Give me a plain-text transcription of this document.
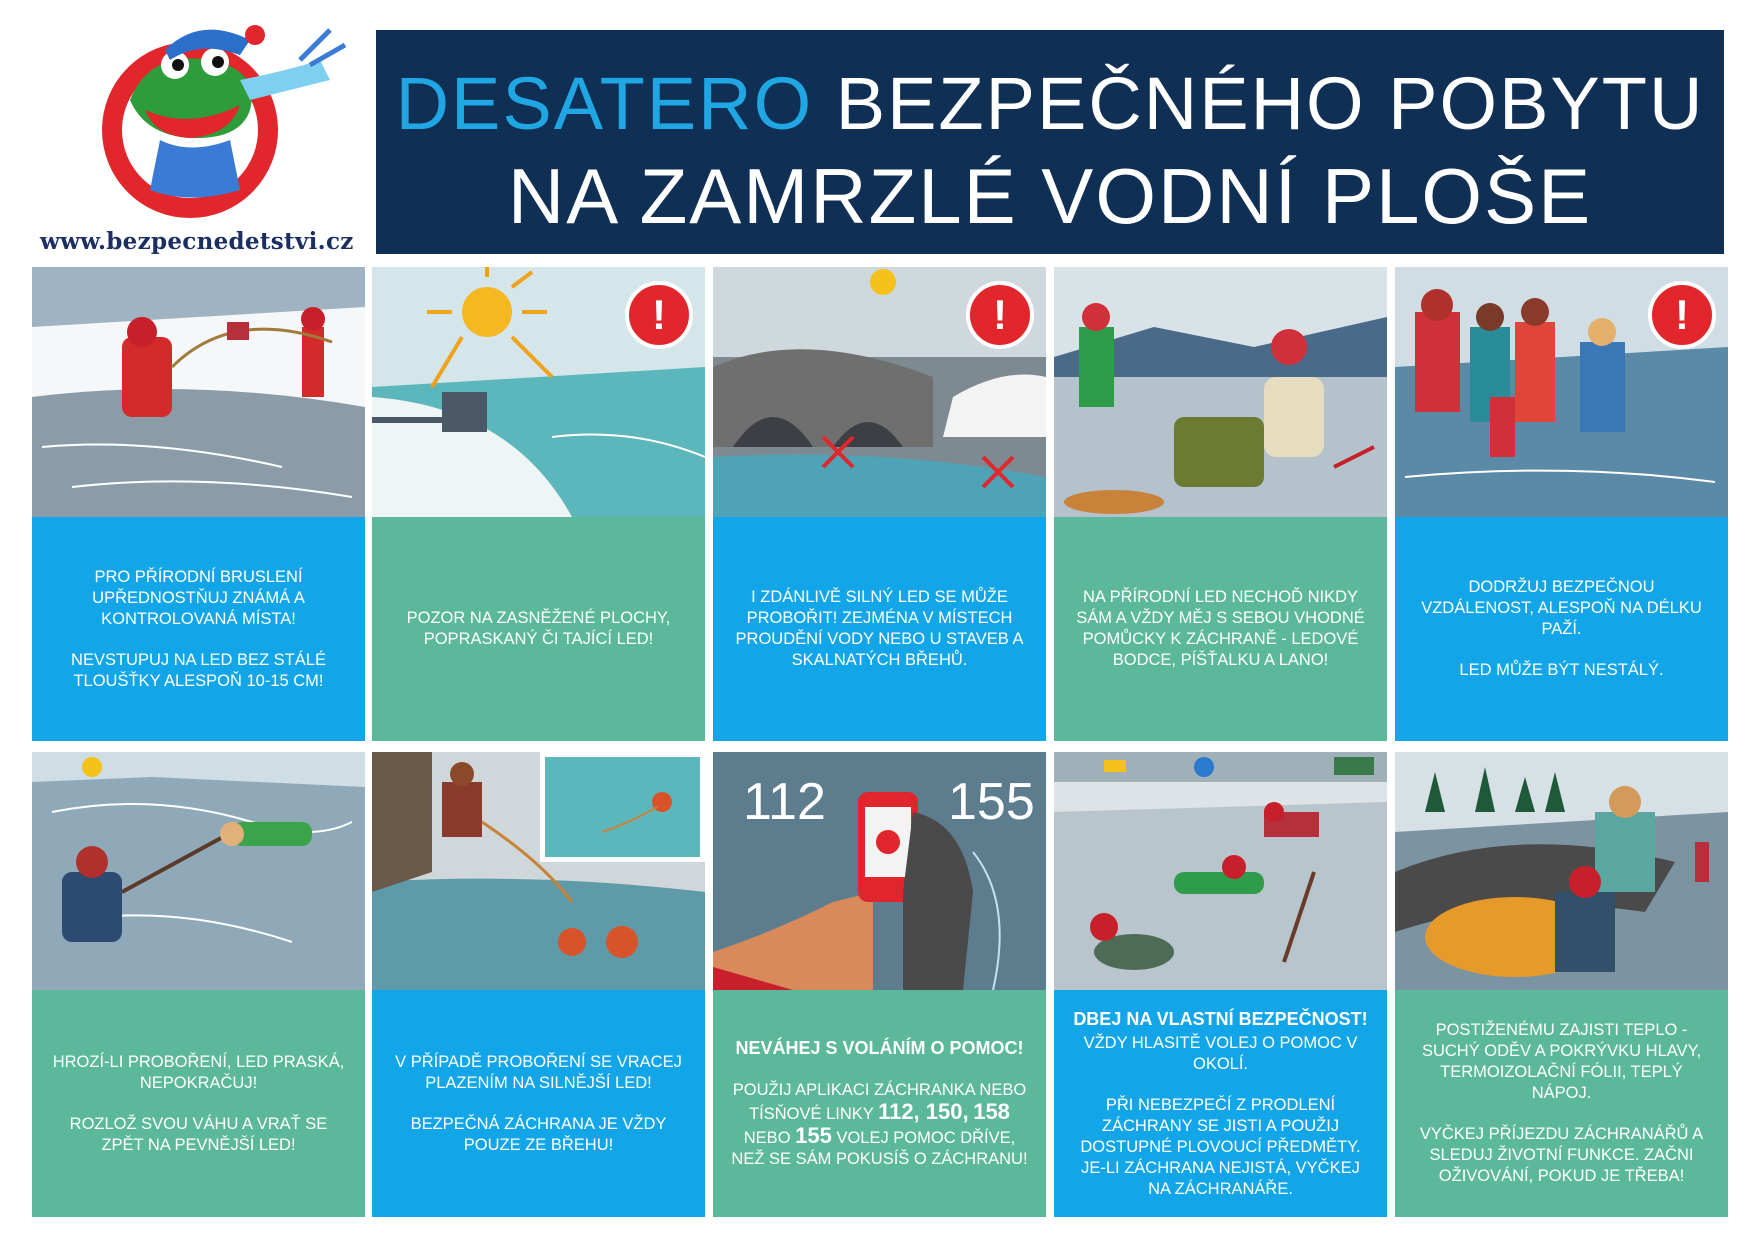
www.bezpecnedetstvi.cz
DESATERO BEZPEČNÉHO POBYTU
NA ZAMRZLÉ VODNÍ PLOŠE

PRO PŘÍRODNÍ BRUSLENÍ UPŘEDNOSTŇUJ ZNÁMÁ A KONTROLOVANÁ MÍSTA!

NEVSTUPUJ NA LED BEZ STÁLÉ TLOUŠŤKY ALESPOŇ 10-15 CM!

!

POZOR NA ZASNĚŽENÉ PLOCHY, POPRASKANÝ ČI TAJÍCÍ LED!

!

I ZDÁNLIVĚ SILNÝ LED SE MŮŽE PROBOŘIT! ZEJMÉNA V MÍSTECH PROUDĚNÍ VODY NEBO U STAVEB A SKALNATÝCH BŘEHŮ.

NA PŘÍRODNÍ LED NECHOĎ NIKDY SÁM A VŽDY MĚJ S SEBOU VHODNÉ POMŮCKY K ZÁCHRANĚ - LEDOVÉ BODCE, PÍŠŤALKU A LANO!

!

DODRŽUJ BEZPEČNOU VZDÁLENOST, ALESPOŇ NA DÉLKU PAŽÍ.

LED MŮŽE BÝT NESTÁLÝ.

HROZÍ-LI PROBOŘENÍ, LED PRASKÁ, NEPOKRAČUJ!

ROZLOŽ SVOU VÁHU A VRAŤ SE ZPĚT NA PEVNĚJŠÍ LED!

V PŘÍPADĚ PROBOŘENÍ SE VRACEJ PLAZENÍM NA SILNĚJŠÍ LED!

BEZPEČNÁ ZÁCHRANA JE VŽDY POUZE ZE BŘEHU!

112 155

NEVÁHEJ S VOLÁNÍM O POMOC!

POUŽIJ APLIKACI ZÁCHRANKA NEBO TÍSŇOVÉ LINKY 112, 150, 158 NEBO 155 VOLEJ POMOC DŘÍVE, NEŽ SE SÁM POKUSÍŠ O ZÁCHRANU!

DBEJ NA VLASTNÍ BEZPEČNOST!

VŽDY HLASITĚ VOLEJ O POMOC V OKOLÍ.

PŘI NEBEZPEČÍ Z PRODLENÍ ZÁCHRANY SE JISTI A POUŽIJ DOSTUPNÉ PLOVOUCÍ PŘEDMĚTY. JE-LI ZÁCHRANA NEJISTÁ, VYČKEJ NA ZÁCHRANÁŘE.

POSTIŽENÉMU ZAJISTI TEPLO - SUCHÝ ODĚV A POKRÝVKU HLAVY, TERMOIZOLAČNÍ FÓLII, TEPLÝ NÁPOJ.

VYČKEJ PŘÍJEZDU ZÁCHRANÁŘŮ A SLEDUJ ŽIVOTNÍ FUNKCE. ZAČNI OŽIVOVÁNÍ, POKUD JE TŘEBA!
